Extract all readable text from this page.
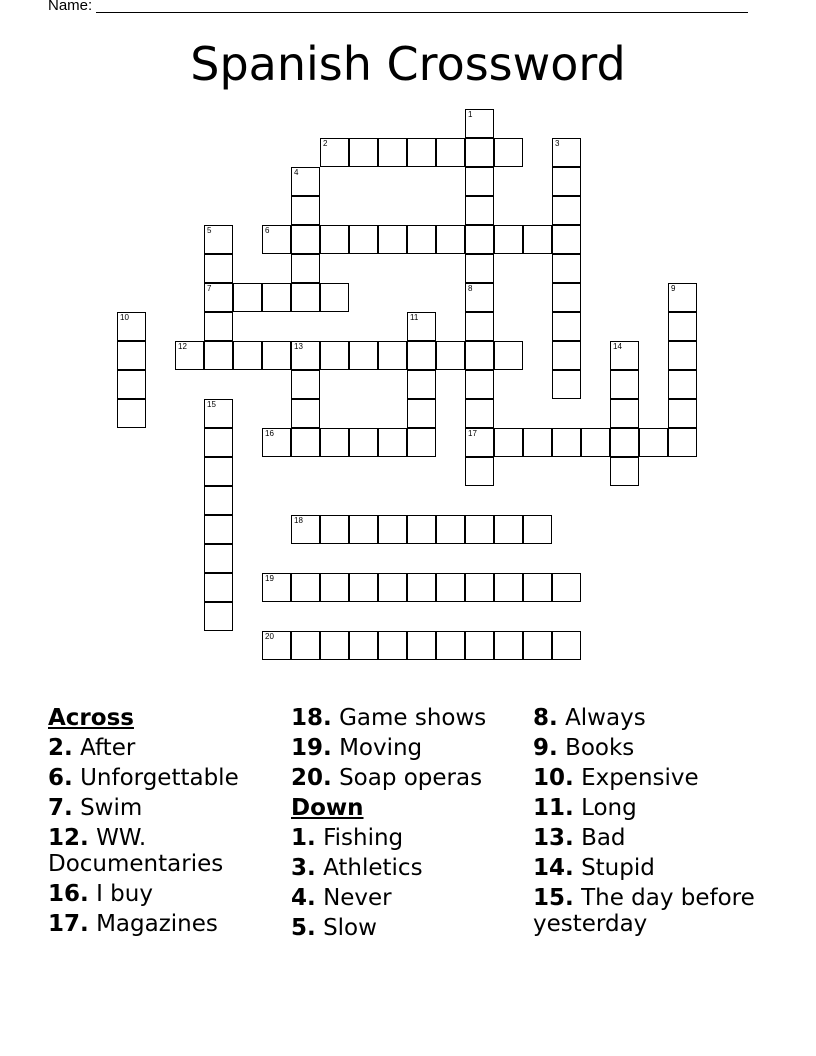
Name:
Spanish Crossword
1
2	3
4
5
7
6
8
17
9
10	11
12	13	14
15
16
18
19
20
Across
2. After
6. Unforgettable
7. Swim
12. WW. Documentaries
16. I buy
17. Magazines
18. Game shows
19. Moving
20. Soap operas
Down
1. Fishing
3. Athletics
4. Never
5. Slow
8. Always
9. Books
10. Expensive
11. Long
13. Bad
14. Stupid
15. The day before yesterday
